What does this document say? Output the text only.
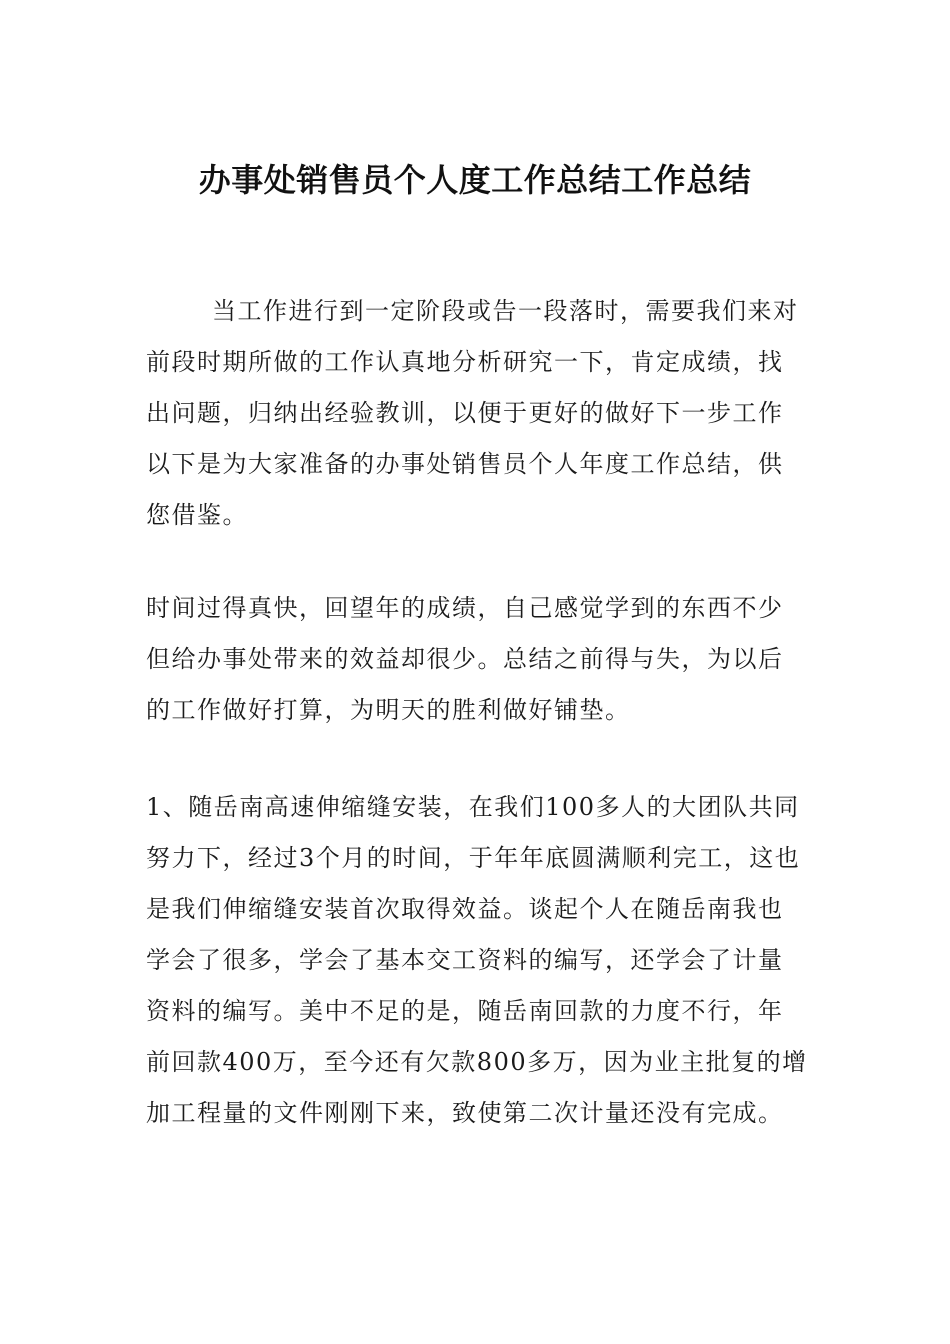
办事处销售员个人度工作总结工作总结

当工作进行到一定阶段或告一段落时，需要我们来对
前段时期所做的工作认真地分析研究一下，肯定成绩，找
出问题，归纳出经验教训，以便于更好的做好下一步工作
以下是为大家准备的办事处销售员个人年度工作总结，供
您借鉴。

时间过得真快，回望年的成绩，自己感觉学到的东西不少
但给办事处带来的效益却很少。总结之前得与失，为以后
的工作做好打算，为明天的胜利做好铺垫。

1、随岳南高速伸缩缝安装，在我们100多人的大团队共同
努力下，经过3个月的时间，于年年底圆满顺利完工，这也
是我们伸缩缝安装首次取得效益。谈起个人在随岳南我也
学会了很多，学会了基本交工资料的编写，还学会了计量
资料的编写。美中不足的是，随岳南回款的力度不行，年
前回款400万，至今还有欠款800多万，因为业主批复的增
加工程量的文件刚刚下来，致使第二次计量还没有完成。
